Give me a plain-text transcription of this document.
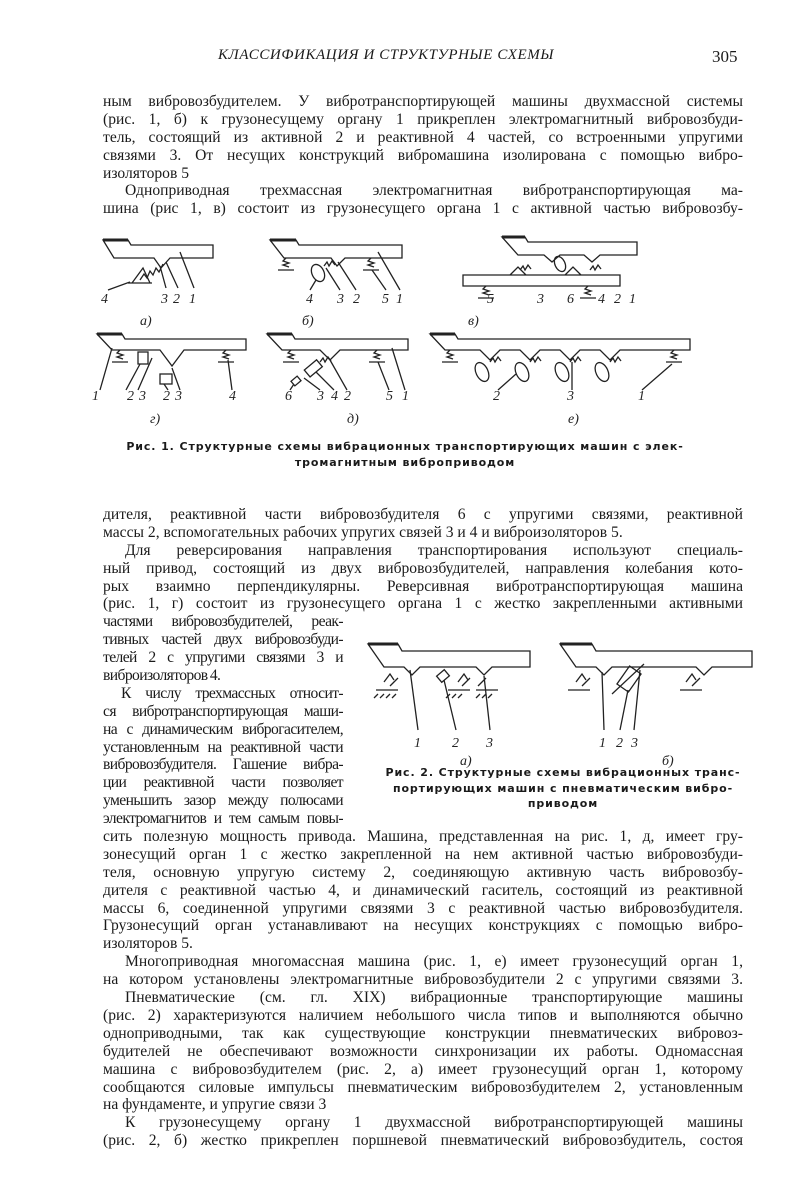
КЛАССИФИКАЦИЯ И СТРУКТУРНЫЕ СХЕМЫ	305
ным вибровозбудителем. У вибротранспортирующей машины двухмассной системы
(рис. 1, б) к грузонесущему органу 1 прикреплен электромагнитный вибровозбуди-
тель, состоящий из активной 2 и реактивной 4 частей, со встроенными упругими
связями 3. От несущих конструкций вибромашина изолирована с помощью вибро-
изоляторов 5
Одноприводная трехмассная электромагнитная вибротранспортирующая ма-
шина (рис 1, в) состоит из грузонесущего органа 1 с активной частью вибровозбу-
4	3 2 1
а)
4 3 2 5 1
б)
5	3 6 4 2 1
в)
1 2 3 2 3	4
г)
6 3 4 2	5 1
д)
2	3	1
е)
1 2 3
а)
1 2 3
б)
Рис. 1. Структурные схемы вибрационных транспортирующих машин с элек-
тромагнитным виброприводом
Рис. 2. Структурные схемы вибрационных транс-
портирующих машин с пневматическим вибро-
приводом
дителя, реактивной части вибровозбудителя 6 с упругими связями, реактивной
массы 2, вспомогательных рабочих упругих связей 3 и 4 и виброизоляторов 5.
Для реверсирования направления транспортирования используют специаль-
ный привод, состоящий из двух вибровозбудителей, направления колебания кото-
рых взаимно перпендикулярны. Реверсивная вибротранспортирующая машина
(рис. 1, г) состоит из грузонесущего органа 1 с жестко закрепленными активными
частями вибровозбудителей, реак-
тивных частей двух вибровозбуди-
телей 2 с упругими связями 3 и
виброизоляторов 4.
К числу трехмассных относит-
ся вибротранспортирующая маши-
на с динамическим виброгасителем,
установленным на реактивной части
вибровозбудителя. Гашение вибра-
ции реактивной части позволяет
уменьшить зазор между полюсами
электромагнитов и тем самым повы-
сить полезную мощность привода. Машина, представленная на рис. 1, д, имеет гру-
зонесущий орган 1 с жестко закрепленной на нем активной частью вибровозбуди-
теля, основную упругую систему 2, соединяющую активную часть вибровозбу-
дителя с реактивной частью 4, и динамический гаситель, состоящий из реактивной
массы 6, соединенной упругими связями 3 с реактивной частью вибровозбудителя.
Грузонесущий орган устанавливают на несущих конструкциях с помощью вибро-
изоляторов 5.
Многоприводная многомассная машина (рис. 1, е) имеет грузонесущий орган 1,
на котором установлены электромагнитные вибровозбудители 2 с упругими связями 3.
Пневматические (см. гл. XIX) вибрационные транспортирующие машины
(рис. 2) характеризуются наличием небольшого числа типов и выполняются обычно
одноприводными, так как существующие конструкции пневматических вибровоз-
будителей не обеспечивают возможности синхронизации их работы. Одномассная
машина с вибровозбудителем (рис. 2, а) имеет грузонесущий орган 1, которому
сообщаются силовые импульсы пневматическим вибровозбудителем 2, установленным
на фундаменте, и упругие связи 3
К грузонесущему органу 1 двухмассной вибротранспортирующей машины
(рис. 2, б) жестко прикреплен поршневой пневматический вибровозбудитель, состоя
